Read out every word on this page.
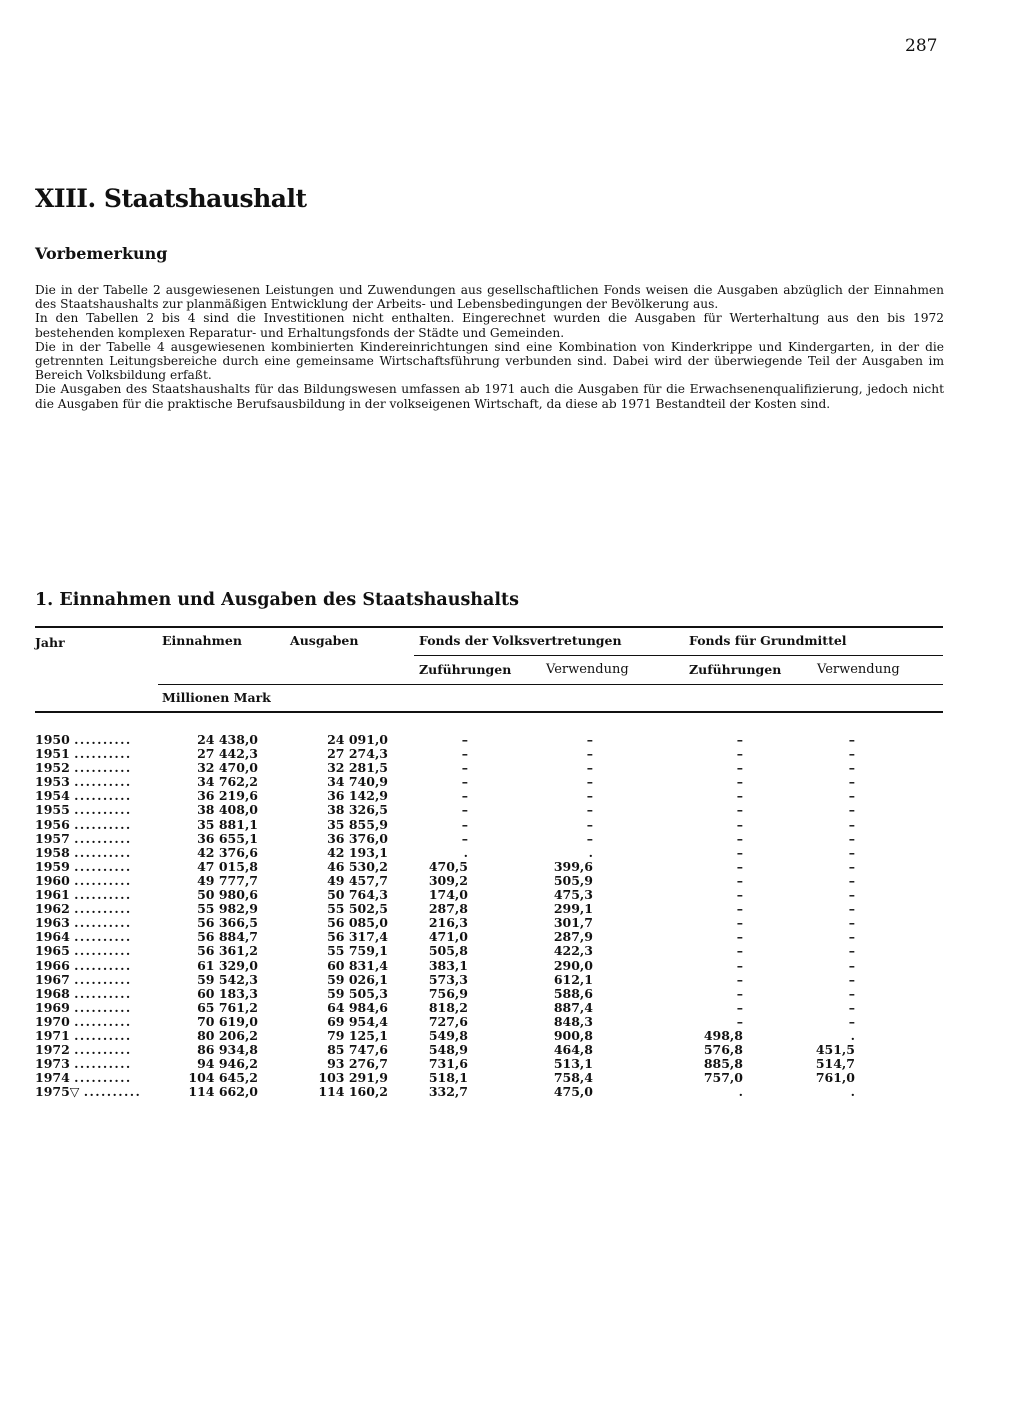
287
XIII. Staatshaushalt
Vorbemerkung

Die in der Tabelle 2 ausgewiesenen Leistungen und Zuwendungen aus gesellschaftlichen Fonds weisen die Ausgaben abzüglich der Einnahmen des Staatshaushalts zur planmäßigen Entwicklung der Arbeits- und Lebensbedingungen der Bevölkerung aus.

In den Tabellen 2 bis 4 sind die Investitionen nicht enthalten. Eingerechnet wurden die Ausgaben für Werterhaltung aus den bis 1972 bestehenden komplexen Reparatur- und Erhaltungsfonds der Städte und Gemeinden.

Die in der Tabelle 4 ausgewiesenen kombinierten Kindereinrichtungen sind eine Kombination von Kinderkrippe und Kindergarten, in der die getrennten Leitungsbereiche durch eine gemeinsame Wirtschaftsführung verbunden sind. Dabei wird der überwiegende Teil der Ausgaben im Bereich Volksbildung erfaßt.

Die Ausgaben des Staatshaushalts für das Bildungswesen umfassen ab 1971 auch die Ausgaben für die Erwachsenenqualifizierung, jedoch nicht die Ausgaben für die praktische Berufsausbildung in der volkseigenen Wirtschaft, da diese ab 1971 Bestandteil der Kosten sind.

1. Einnahmen und Ausgaben des Staatshaushalts
Jahr	Einnahmen	Ausgaben	Fonds der Volksvertretungen	Fonds für Grundmittel
Zuführungen	Verwendung	Zuführungen	Verwendung
Millionen Mark
1950 ..........	24 438,0	24 091,0	–	–	–	–
1951 ..........	27 442,3	27 274,3	–	–	–	–
1952 ..........	32 470,0	32 281,5	–	–	–	–
1953 ..........	34 762,2	34 740,9	–	–	–	–
1954 ..........	36 219,6	36 142,9	–	–	–	–
1955 ..........	38 408,0	38 326,5	–	–	–	–
1956 ..........	35 881,1	35 855,9	–	–	–	–
1957 ..........	36 655,1	36 376,0	–	–	–	–
1958 ..........	42 376,6	42 193,1	.	.	–	–
1959 ..........	47 015,8	46 530,2	470,5	399,6	–	–
1960 ..........	49 777,7	49 457,7	309,2	505,9	–	–
1961 ..........	50 980,6	50 764,3	174,0	475,3	–	–
1962 ..........	55 982,9	55 502,5	287,8	299,1	–	–
1963 ..........	56 366,5	56 085,0	216,3	301,7	–	–
1964 ..........	56 884,7	56 317,4	471,0	287,9	–	–
1965 ..........	56 361,2	55 759,1	505,8	422,3	–	–
1966 ..........	61 329,0	60 831,4	383,1	290,0	–	–
1967 ..........	59 542,3	59 026,1	573,3	612,1	–	–
1968 ..........	60 183,3	59 505,3	756,9	588,6	–	–
1969 ..........	65 761,2	64 984,6	818,2	887,4	–	–
1970 ..........	70 619,0	69 954,4	727,6	848,3	–	–
1971 ..........	80 206,2	79 125,1	549,8	900,8	498,8	.
1972 ..........	86 934,8	85 747,6	548,9	464,8	576,8	451,5
1973 ..........	94 946,2	93 276,7	731,6	513,1	885,8	514,7
1974 ..........	104 645,2	103 291,9	518,1	758,4	757,0	761,0
1975▽ ..........	114 662,0	114 160,2	332,7	475,0	.	.
